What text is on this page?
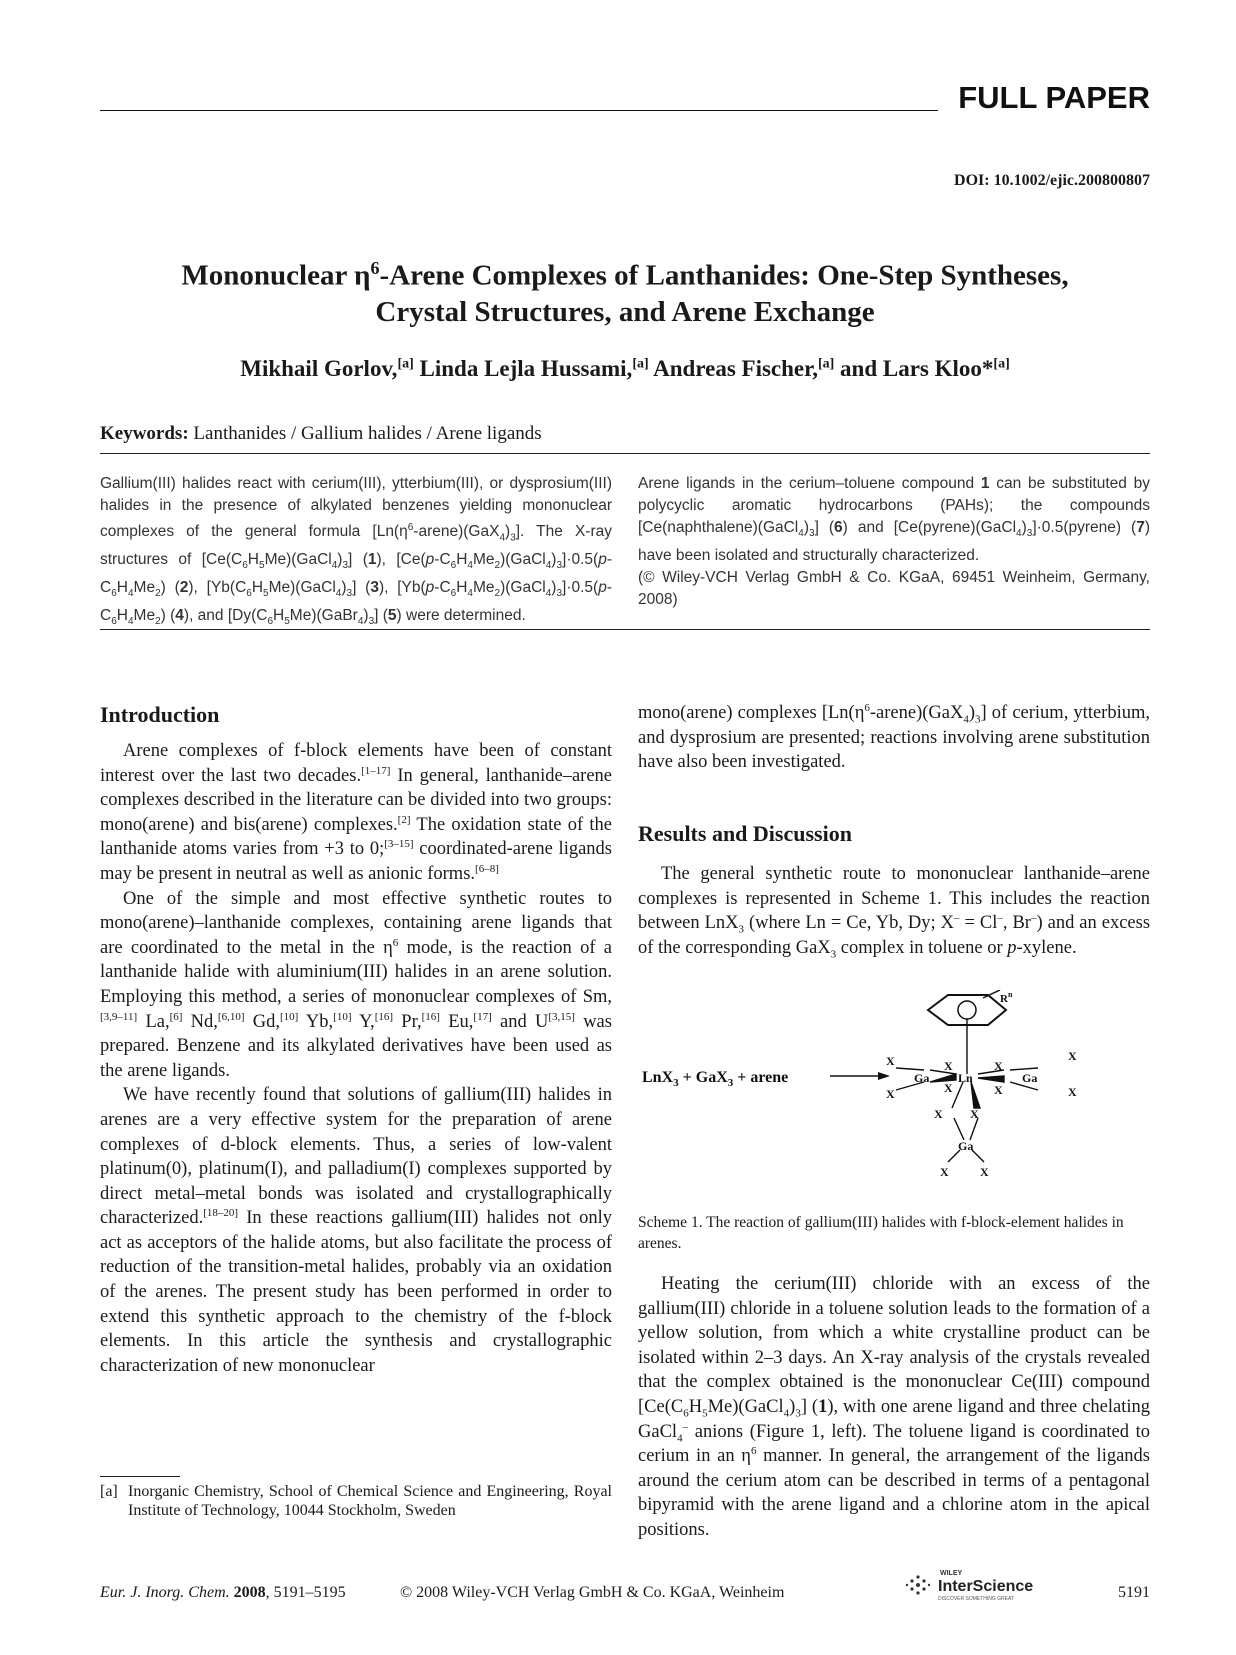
FULL PAPER
DOI: 10.1002/ejic.200800807
Mononuclear $\eta^6$-Arene Complexes of Lanthanides: One-Step Syntheses,
Crystal Structures, and Arene Exchange
Mikhail Gorlov,[a] Linda Lejla Hussami,[a] Andreas Fischer,[a] and Lars Kloo*[a]
Keywords: Lanthanides / Gallium halides / Arene ligands
Gallium(III) halides react with cerium(III), ytterbium(III), or dysprosium(III) halides in the presence of alkylated benzenes yielding mononuclear complexes of the general formula $[Ln(\eta^6-arene)(GaX_4)_3]$. The X-ray structures of $[Ce(C_6H_5Me)(GaCl_4)_3]$ (1), $[Ce(p-C_6H_4Me_2)(GaCl_4)_3]\cdot 0.5(p-C_6H_4Me_2)$ (2), $[Yb(C_6H_5Me)(GaCl_4)_3]$ (3), $[Yb(p-C_6H_4Me_2)(GaCl_4)_3]\cdot 0.5(p-C_6H_4Me_2)$ (4), and $[Dy(C_6H_5Me)(GaBr_4)_3]$ (5) were determined.
Arene ligands in the cerium–toluene compound 1 can be substituted by polycyclic aromatic hydrocarbons (PAHs); the compounds $[Ce(naphthalene)(GaCl_4)_3]$ (6) and $[Ce(pyrene)(GaCl_4)_3]\cdot 0.5(pyrene)$ (7) have been isolated and structurally characterized.
(© Wiley-VCH Verlag GmbH & Co. KGaA, 69451 Weinheim, Germany, 2008)
Introduction

Arene complexes of f-block elements have been of constant interest over the last two decades.[1–17] In general, lanthanide–arene complexes described in the literature can be divided into two groups: mono(arene) and bis(arene) complexes.[2] The oxidation state of the lanthanide atoms varies from +3 to 0;[3–15] coordinated-arene ligands may be present in neutral as well as anionic forms.[6–8]

One of the simple and most effective synthetic routes to mono(arene)–lanthanide complexes, containing arene ligands that are coordinated to the metal in the $\eta^6$ mode, is the reaction of a lanthanide halide with aluminium(III) halides in an arene solution. Employing this method, a series of mononuclear complexes of Sm,[3,9–11] La,[6] Nd,[6,10] Gd,[10] Yb,[10] Y,[16] Pr,[16] Eu,[17] and U[3,15] was prepared. Benzene and its alkylated derivatives have been used as the arene ligands.

We have recently found that solutions of gallium(III) halides in arenes are a very effective system for the preparation of arene complexes of d-block elements. Thus, a series of low-valent platinum(0), platinum(I), and palladium(I) complexes supported by direct metal–metal bonds was isolated and crystallographically characterized.[18–20] In these reactions gallium(III) halides not only act as acceptors of the halide atoms, but also facilitate the process of reduction of the transition-metal halides, probably via an oxidation of the arenes. The present study has been performed in order to extend this synthetic approach to the chemistry of the f-block elements. In this article the synthesis and crystallographic characterization of new mononuclear

mono(arene) complexes $[Ln(\eta^6-arene)(GaX_4)_3]$ of cerium, ytterbium, and dysprosium are presented; reactions involving arene substitution have also been investigated.

Results and Discussion

The general synthetic route to mononuclear lanthanide–arene complexes is represented in Scheme 1. This includes the reaction between LnX$_3$ (where Ln = Ce, Yb, Dy; X– = Cl–, Br–) and an excess of the corresponding GaX$_3$ complex in toluene or p-xylene.

LnX$_3$ + GaX$_3$ + arene
$R^n$
X
X
Ga
X
X
Ln
X
X
Ga
X
X
X X
Ga
X	X
Scheme 1. The reaction of gallium(III) halides with f-block-element halides in arenes.

Heating the cerium(III) chloride with an excess of the gallium(III) chloride in a toluene solution leads to the formation of a yellow solution, from which a white crystalline product can be isolated within 2–3 days. An X-ray analysis of the crystals revealed that the complex obtained is the mononuclear Ce(III) compound $[Ce(C_6H_5Me)(GaCl_4)_3]$ (1), with one arene ligand and three chelating GaCl$_4$– anions (Figure 1, left). The toluene ligand is coordinated to cerium in an $\eta^6$ manner. In general, the arrangement of the ligands around the cerium atom can be described in terms of a pentagonal bipyramid with the arene ligand and a chlorine atom in the apical positions.

[a] Inorganic Chemistry, School of Chemical Science and Engineering, Royal Institute of Technology, 10044 Stockholm, Sweden
Eur. J. Inorg. Chem. 2008, 5191–5195	© 2008 Wiley-VCH Verlag GmbH & Co. KGaA, Weinheim
WILEY
InterScience
DISCOVER SOMETHING GREAT	5191
